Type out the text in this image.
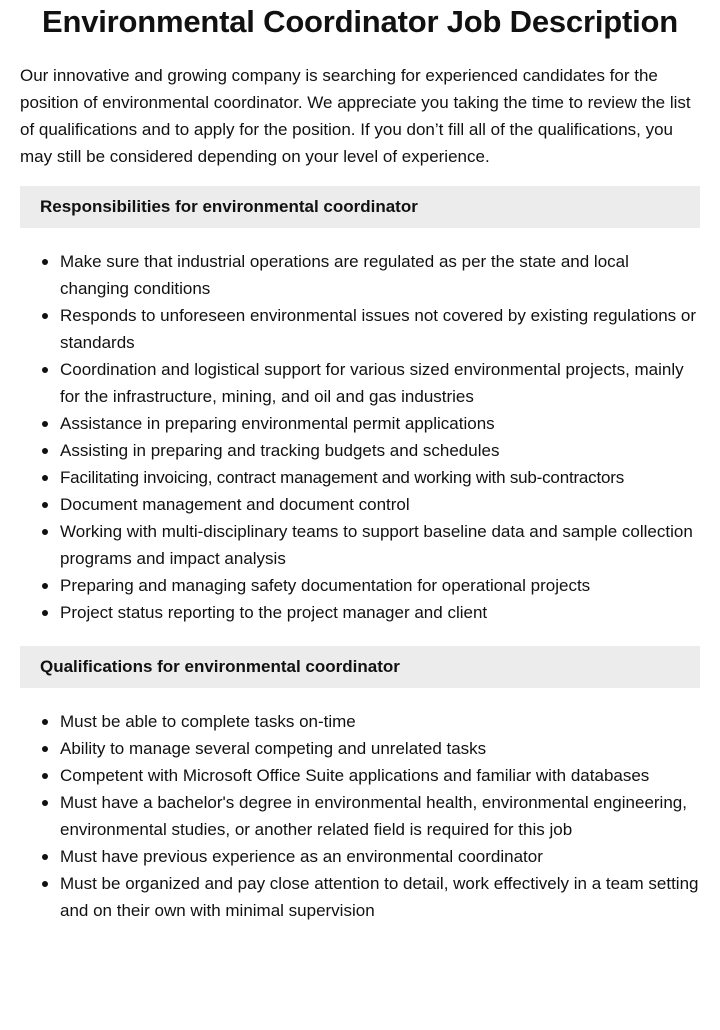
Environmental Coordinator Job Description

Our innovative and growing company is searching for experienced candidates for the position of environmental coordinator. We appreciate you taking the time to review the list of qualifications and to apply for the position. If you don’t fill all of the qualifications, you may still be considered depending on your level of experience.

Responsibilities for environmental coordinator
Make sure that industrial operations are regulated as per the state and local changing conditions
Responds to unforeseen environmental issues not covered by existing regulations or standards
Coordination and logistical support for various sized environmental projects, mainly for the infrastructure, mining, and oil and gas industries
Assistance in preparing environmental permit applications
Assisting in preparing and tracking budgets and schedules
Facilitating invoicing, contract management and working with sub-contractors
Document management and document control
Working with multi-disciplinary teams to support baseline data and sample collection programs and impact analysis
Preparing and managing safety documentation for operational projects
Project status reporting to the project manager and client
Qualifications for environmental coordinator
Must be able to complete tasks on-time
Ability to manage several competing and unrelated tasks
Competent with Microsoft Office Suite applications and familiar with databases
Must have a bachelor's degree in environmental health, environmental engineering, environmental studies, or another related field is required for this job
Must have previous experience as an environmental coordinator
Must be organized and pay close attention to detail, work effectively in a team setting and on their own with minimal supervision
